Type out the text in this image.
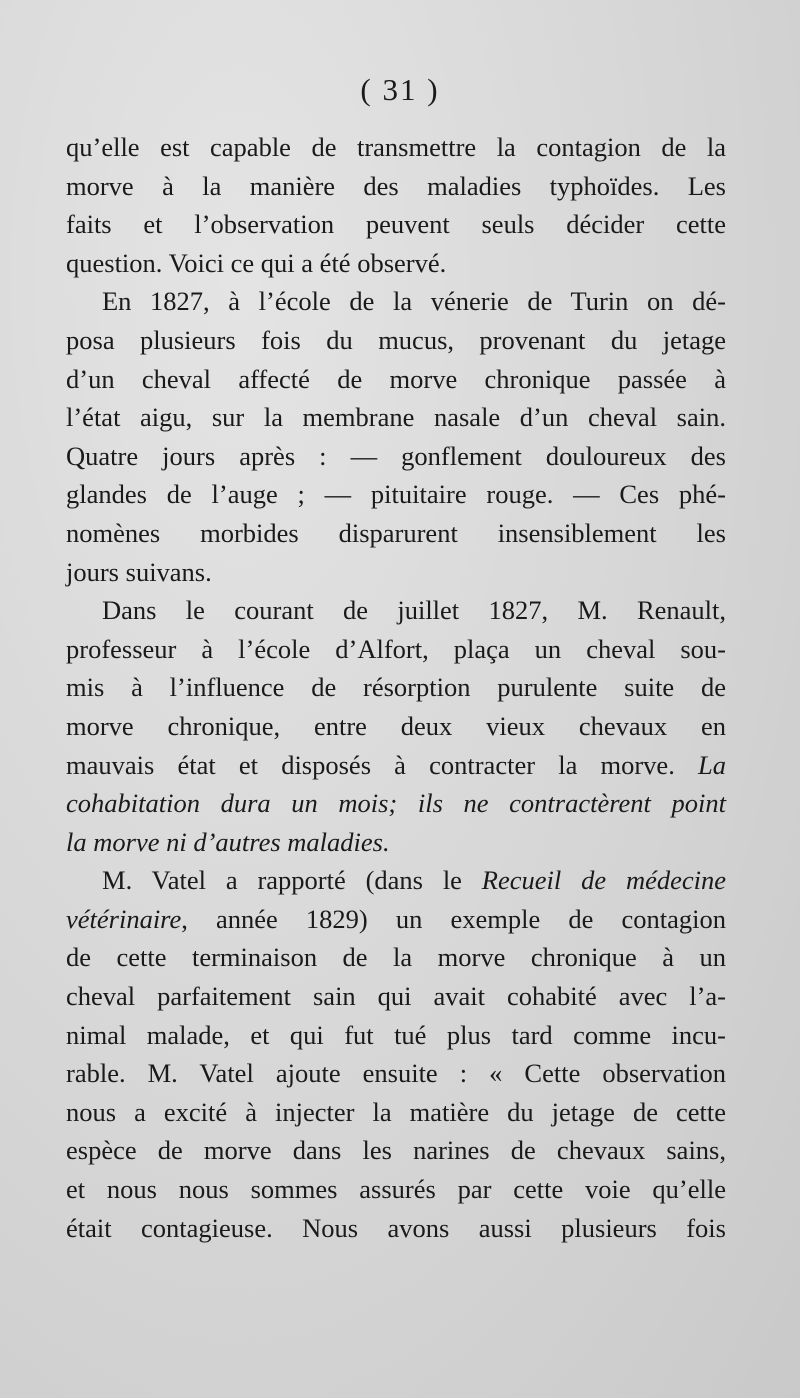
( 31 )
qu’elle est capable de transmettre la contagion de la
morve à la manière des maladies typhoïdes. Les
faits et l’observation peuvent seuls décider cette
question. Voici ce qui a été observé.
En 1827, à l’école de la vénerie de Turin on dé-
posa plusieurs fois du mucus, provenant du jetage
d’un cheval affecté de morve chronique passée à
l’état aigu, sur la membrane nasale d’un cheval sain.
Quatre jours après : — gonflement douloureux des
glandes de l’auge ; — pituitaire rouge. — Ces phé-
nomènes morbides disparurent insensiblement les
jours suivans.
Dans le courant de juillet 1827, M. Renault,
professeur à l’école d’Alfort, plaça un cheval sou-
mis à l’influence de résorption purulente suite de
morve chronique, entre deux vieux chevaux en
mauvais état et disposés à contracter la morve. La
cohabitation dura un mois; ils ne contractèrent point
la morve ni d’autres maladies.
M. Vatel a rapporté (dans le Recueil de médecine
vétérinaire, année 1829) un exemple de contagion
de cette terminaison de la morve chronique à un
cheval parfaitement sain qui avait cohabité avec l’a-
nimal malade, et qui fut tué plus tard comme incu-
rable. M. Vatel ajoute ensuite : « Cette observation
nous a excité à injecter la matière du jetage de cette
espèce de morve dans les narines de chevaux sains,
et nous nous sommes assurés par cette voie qu’elle
était contagieuse. Nous avons aussi plusieurs fois
